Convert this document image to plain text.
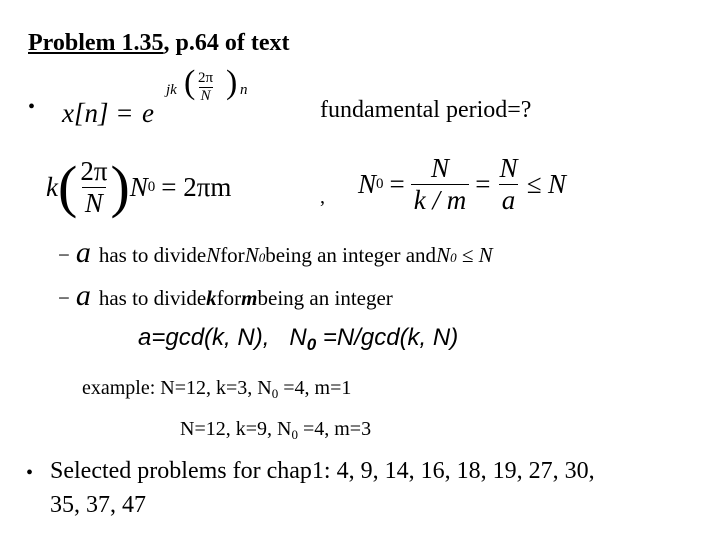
Problem 1.35, p.64 of text
• x[n] = e
jk ( $\frac{2\pi}{N}$ ) n
fundamental period=?
k ( $\frac{2\pi}{N}$ ) N 0 = 2πm	, N $0 = \frac{N}{k / m} = \frac{N}{a} \le N$
− a has to divide N for N 0 being an integer and N 0 ≤ N
− a has to divide k for m being an integer
a=gcd(k, N),   $N_0 =N/\gcd(k$, N)
example: N=12, k=3, $N_0 =4$, m=1
N=12, k=9, $N_0 =4$, m=3
• Selected problems for chap1: 4, 9, 14, 16, 18, 19, 27, 30,
35, 37, 47
